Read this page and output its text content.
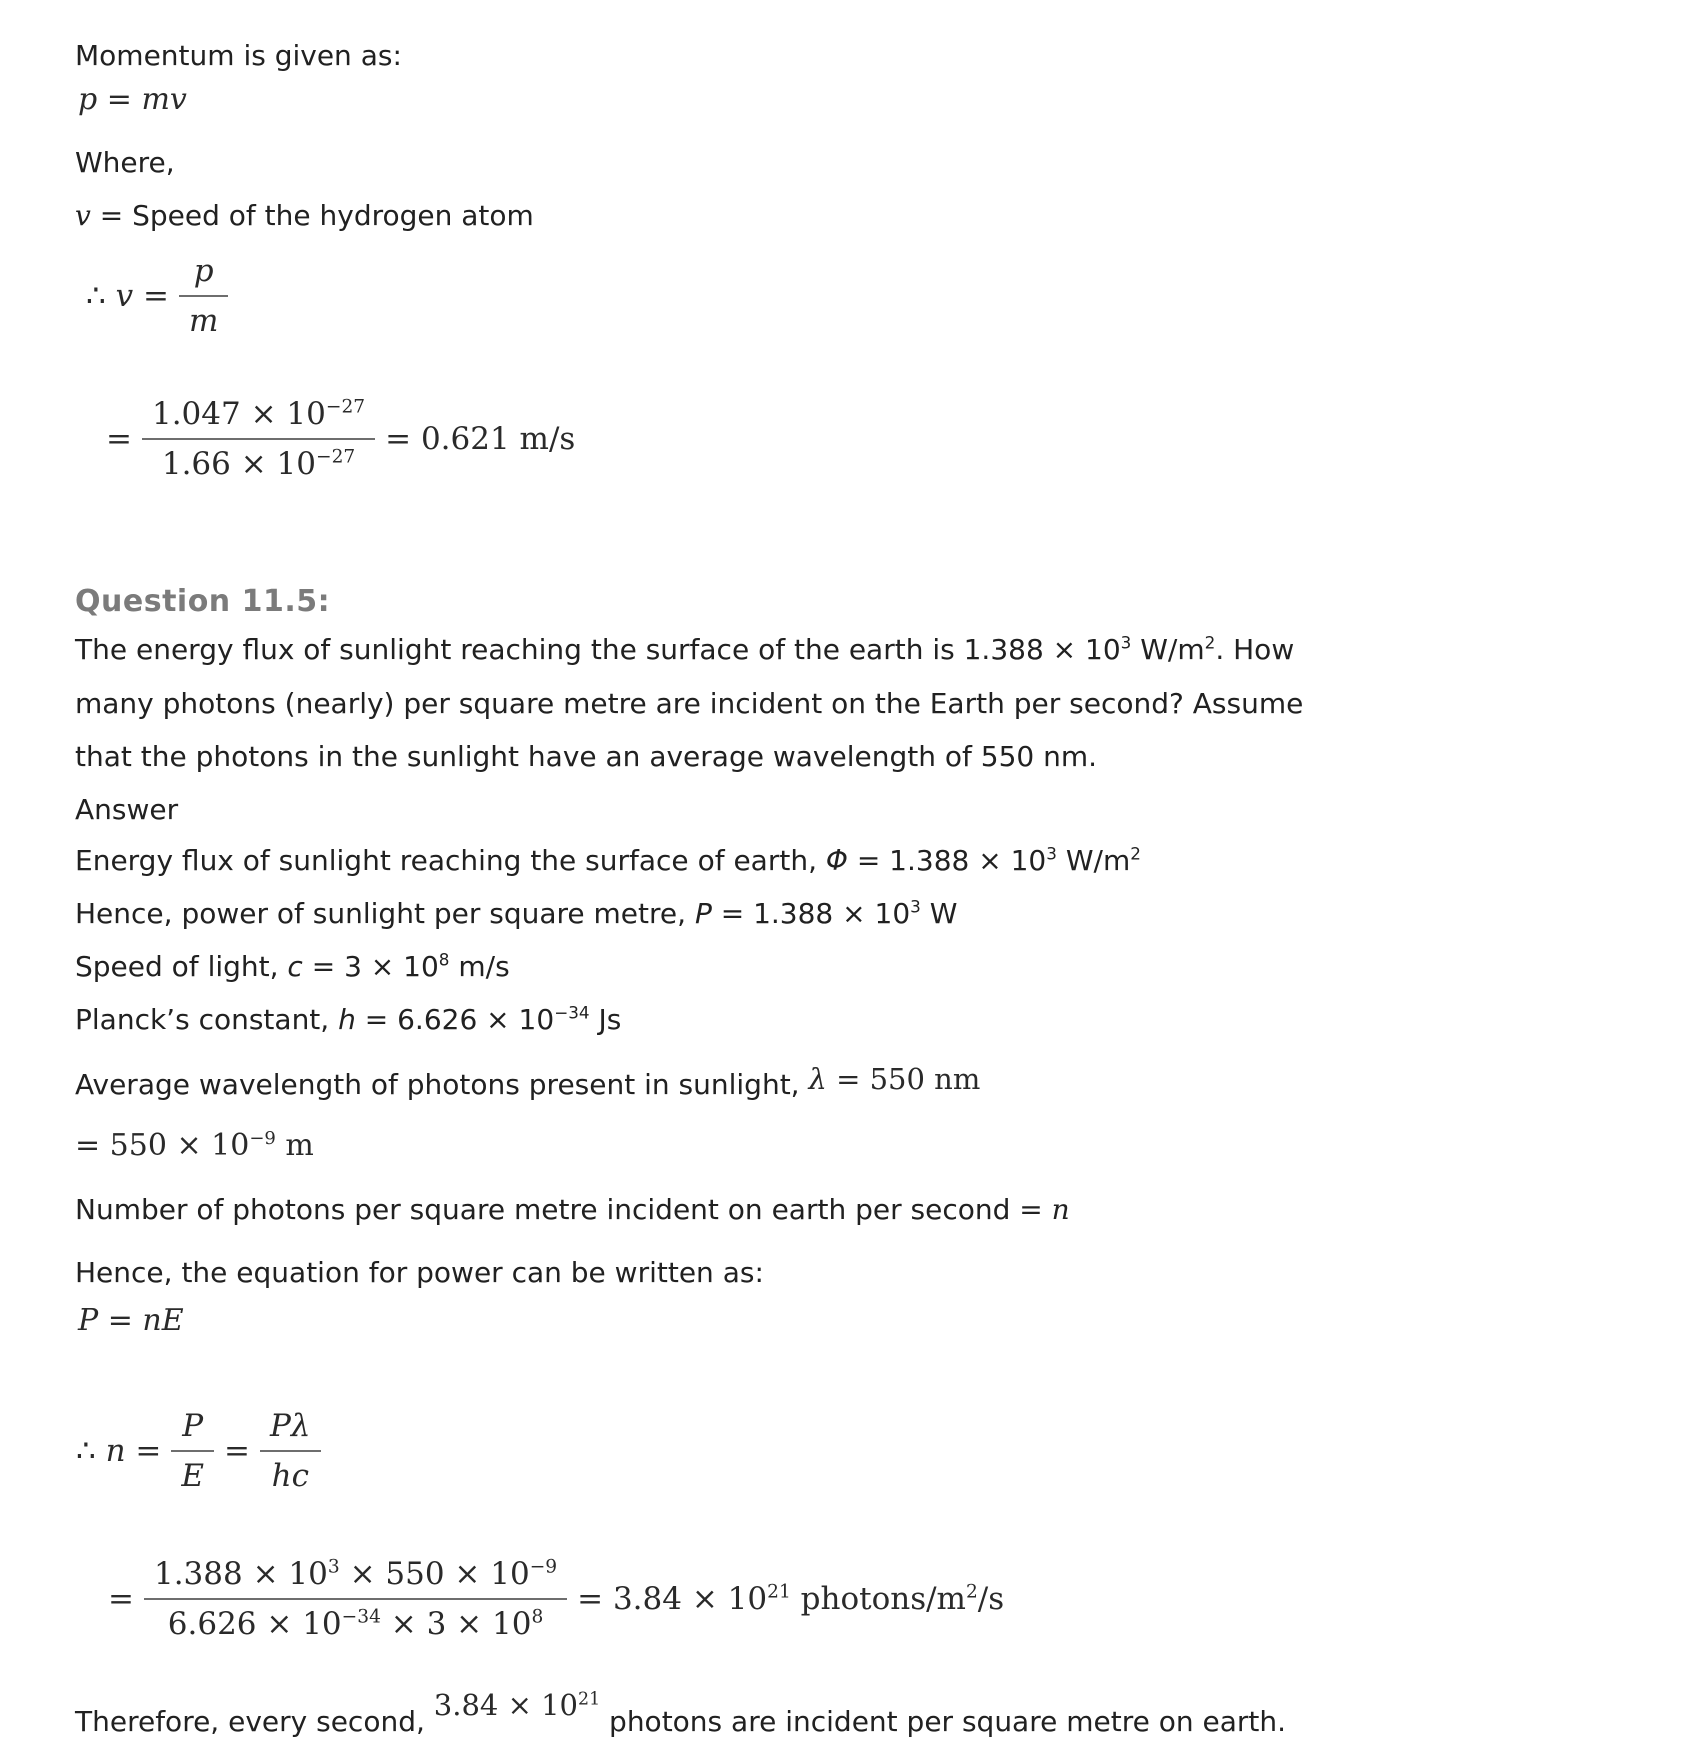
Momentum is given as:
p = mv
Where,
v = Speed of the hydrogen atom
∴ $v = \frac{p}{m}$
= $\frac{1.047 \times 10^{-27}}{1.66 \times 10^{-27}} = 0.621$ m/s
Question 11.5:
The energy flux of sunlight reaching the surface of the earth is $1.388 \times 10^3$ $W/m^2$. How
many photons (nearly) per square metre are incident on the Earth per second? Assume
that the photons in the sunlight have an average wavelength of 550 nm.
Answer
Energy flux of sunlight reaching the surface of earth, $\Phi = 1.388 \times 10^3$ $W/m^2$
Hence, power of sunlight per square metre, $P = 1.388 \times 10^3$ W
Speed of light, $c = 3 \times 10^8$ m/s
Planck’s constant, $h = 6.626 \times 10^{-34}$ Js
Average wavelength of photons present in sunlight, λ = 550 nm
= $550 \times 10^{-9}$ m
Number of photons per square metre incident on earth per second = n
Hence, the equation for power can be written as:
P = nE
∴ $n = \frac{P}{E} = \frac{P\lambda}{hc}$
= $\frac{1.388 \times 10^3 \times 550 \times 10^{-9}}{6.626 \times 10^{-34} \times 3 \times 10^8} = 3.84 \times 10^{21}$ photons/$m^2/s$
Therefore, every second, $3.84 \times 10^{21}$ photons are incident per square metre on earth.
